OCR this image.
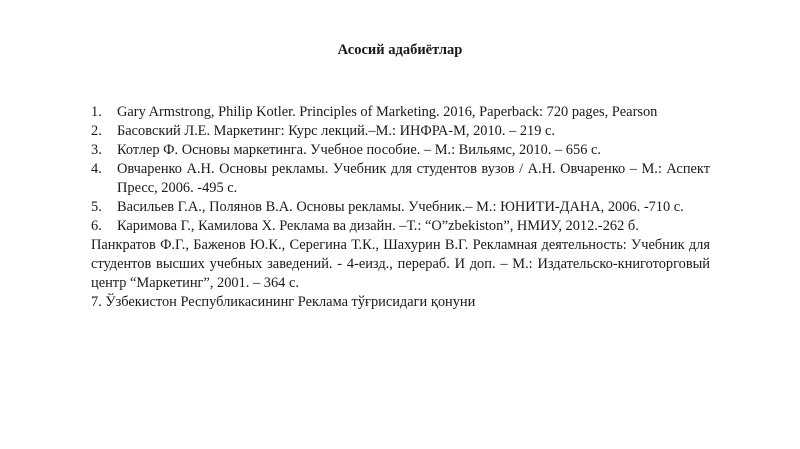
Асосий адабиётлар
1. Gary Armstrong, Philip Kotler. Principles of Marketing. 2016, Paperback: 720 pages, Pearson
2. Басовский Л.Е. Маркетинг: Курс лекций.–М.: ИНФРА-М, 2010. – 219 с.
3. Котлер Ф. Основы маркетинга. Учебное пособие. – М.: Вильямс, 2010. – 656 с.
4. Овчаренко А.Н. Основы рекламы. Учебник для студентов вузов / А.Н. Овчаренко – М.: Аспект Пресс, 2006. -495 с.
5. Васильев Г.А., Полянов В.А. Основы рекламы. Учебник.– М.: ЮНИТИ-ДАНА, 2006. -710 с.
6. Каримова Г., Камилова Х. Реклама ва дизайн. –Т.: “O”zbekiston”, НМИУ, 2012.-262 б.
Панкратов Ф.Г., Баженов Ю.К., Серегина Т.К., Шахурин В.Г. Рекламная деятельность: Учебник для студентов высших учебных заведений. - 4-еизд., перераб. И доп. – М.: Издательско-книготорговый центр “Маркетинг”, 2001. – 364 с.
7. Ўзбекистон Республикасининг Реклама тўғрисидаги қонуни
